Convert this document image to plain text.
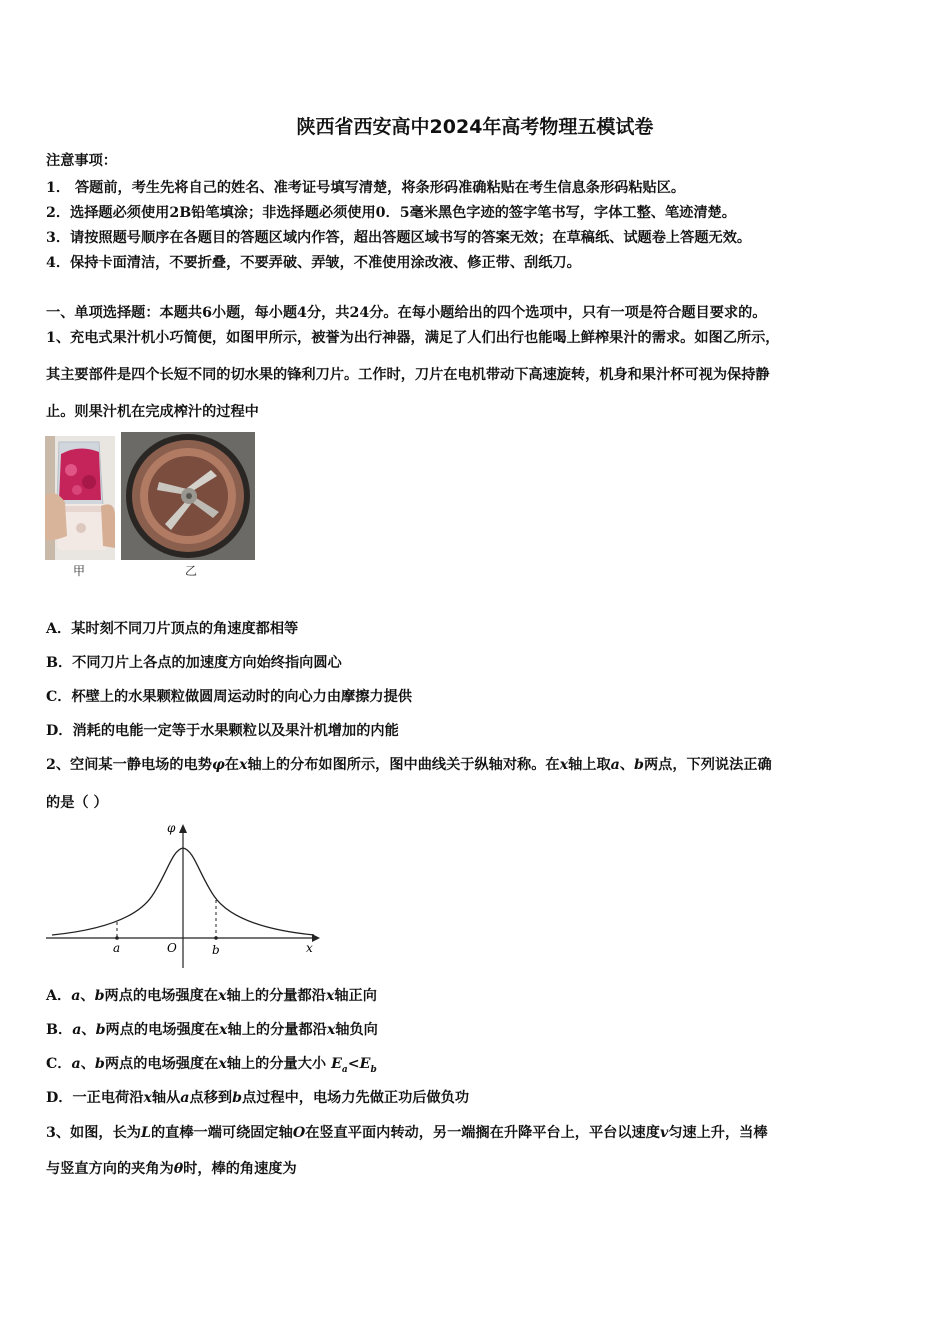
陕西省西安高中2024年高考物理五模试卷
注意事项：
1． 答题前，考生先将自己的姓名、准考证号填写清楚，将条形码准确粘贴在考生信息条形码粘贴区。
2．选择题必须使用2B铅笔填涂；非选择题必须使用0．5毫米黑色字迹的签字笔书写，字体工整、笔迹清楚。
3．请按照题号顺序在各题目的答题区域内作答，超出答题区域书写的答案无效；在草稿纸、试题卷上答题无效。
4．保持卡面清洁，不要折叠，不要弄破、弄皱，不准使用涂改液、修正带、刮纸刀。
一、单项选择题：本题共6小题，每小题4分，共24分。在每小题给出的四个选项中，只有一项是符合题目要求的。
1、充电式果汁机小巧简便，如图甲所示，被誉为出行神器，满足了人们出行也能喝上鲜榨果汁的需求。如图乙所示，
其主要部件是四个长短不同的切水果的锋利刀片。工作时，刀片在电机带动下高速旋转，机身和果汁杯可视为保持静
止。则果汁机在完成榨汁的过程中
甲	乙
A．某时刻不同刀片顶点的角速度都相等
B．不同刀片上各点的加速度方向始终指向圆心
C．杯壁上的水果颗粒做圆周运动时的向心力由摩擦力提供
D．消耗的电能一定等于水果颗粒以及果汁机增加的内能
2、空间某一静电场的电势φ在x轴上的分布如图所示，图中曲线关于纵轴对称。在x轴上取a、b两点，下列说法正确
的是（ ）
φ
O
a	b	x
A．a、b两点的电场强度在x轴上的分量都沿x轴正向
B．a、b两点的电场强度在x轴上的分量都沿x轴负向
C．a、b两点的电场强度在x轴上的分量大小 $E_a<E_b$
D．一正电荷沿x轴从a点移到b点过程中，电场力先做正功后做负功
3、如图，长为L的直棒一端可绕固定轴O在竖直平面内转动，另一端搁在升降平台上，平台以速度v匀速上升，当棒
与竖直方向的夹角为θ时，棒的角速度为
